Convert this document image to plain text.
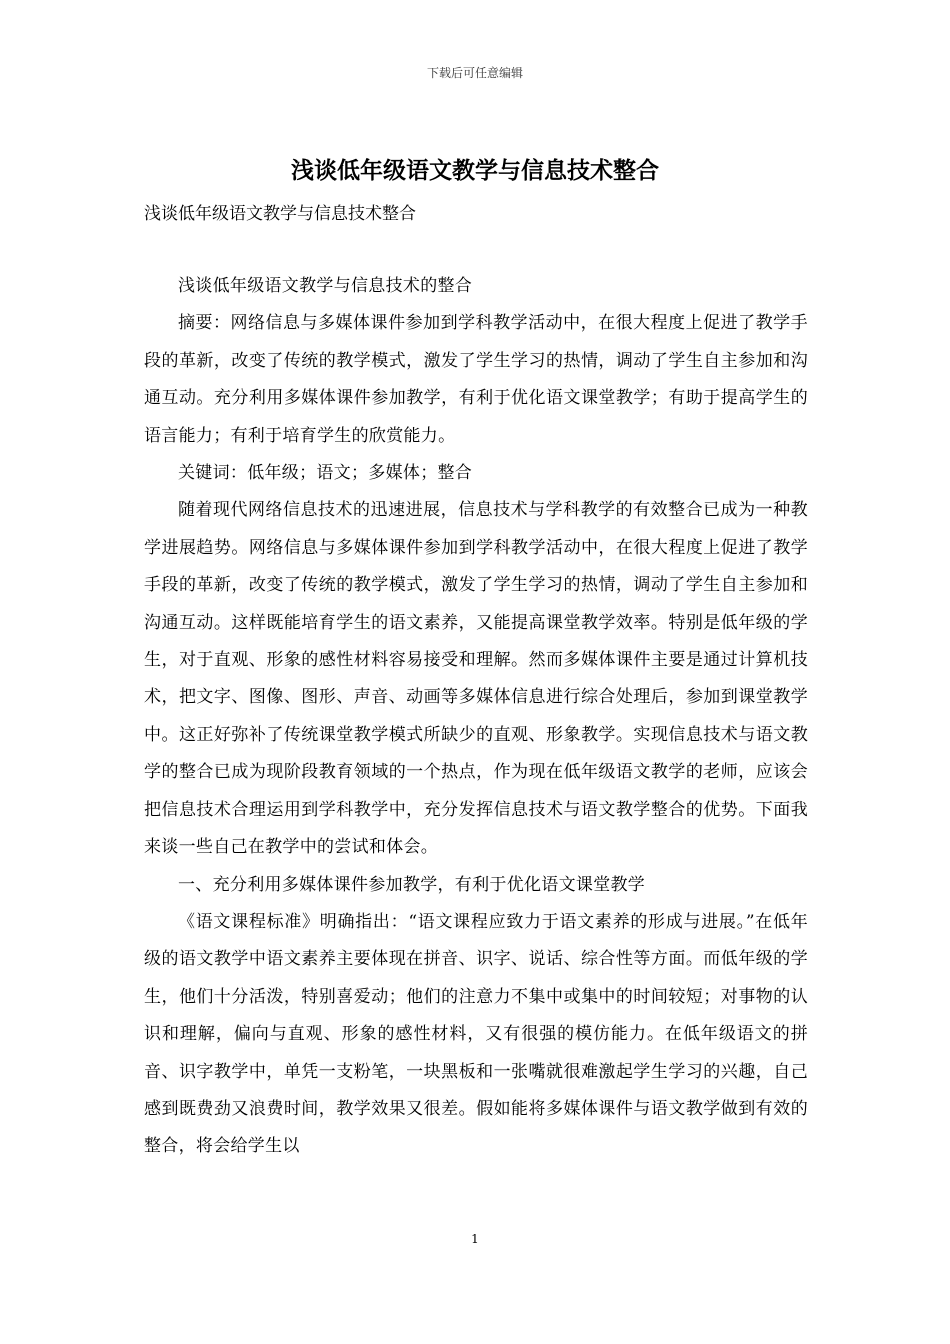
下载后可任意编辑
浅谈低年级语文教学与信息技术整合

浅谈低年级语文教学与信息技术整合

浅谈低年级语文教学与信息技术的整合

摘要：网络信息与多媒体课件参加到学科教学活动中，在很大程度上促进了教学手段的革新，改变了传统的教学模式，激发了学生学习的热情，调动了学生自主参加和沟通互动。充分利用多媒体课件参加教学，有利于优化语文课堂教学；有助于提高学生的语言能力；有利于培育学生的欣赏能力。

关键词：低年级；语文；多媒体；整合

随着现代网络信息技术的迅速进展，信息技术与学科教学的有效整合已成为一种教学进展趋势。网络信息与多媒体课件参加到学科教学活动中，在很大程度上促进了教学手段的革新，改变了传统的教学模式，激发了学生学习的热情，调动了学生自主参加和沟通互动。这样既能培育学生的语文素养，又能提高课堂教学效率。特别是低年级的学生，对于直观、形象的感性材料容易接受和理解。然而多媒体课件主要是通过计算机技术，把文字、图像、图形、声音、动画等多媒体信息进行综合处理后，参加到课堂教学中。这正好弥补了传统课堂教学模式所缺少的直观、形象教学。实现信息技术与语文教学的整合已成为现阶段教育领域的一个热点，作为现在低年级语文教学的老师，应该会把信息技术合理运用到学科教学中，充分发挥信息技术与语文教学整合的优势。下面我来谈一些自己在教学中的尝试和体会。

一、充分利用多媒体课件参加教学，有利于优化语文课堂教学

《语文课程标准》明确指出：“语文课程应致力于语文素养的形成与进展。”在低年级的语文教学中语文素养主要体现在拼音、识字、说话、综合性等方面。而低年级的学生，他们十分活泼，特别喜爱动；他们的注意力不集中或集中的时间较短；对事物的认识和理解，偏向与直观、形象的感性材料，又有很强的模仿能力。在低年级语文的拼音、识字教学中，单凭一支粉笔，一块黑板和一张嘴就很难激起学生学习的兴趣，自己感到既费劲又浪费时间，教学效果又很差。假如能将多媒体课件与语文教学做到有效的整合，将会给学生以

1
